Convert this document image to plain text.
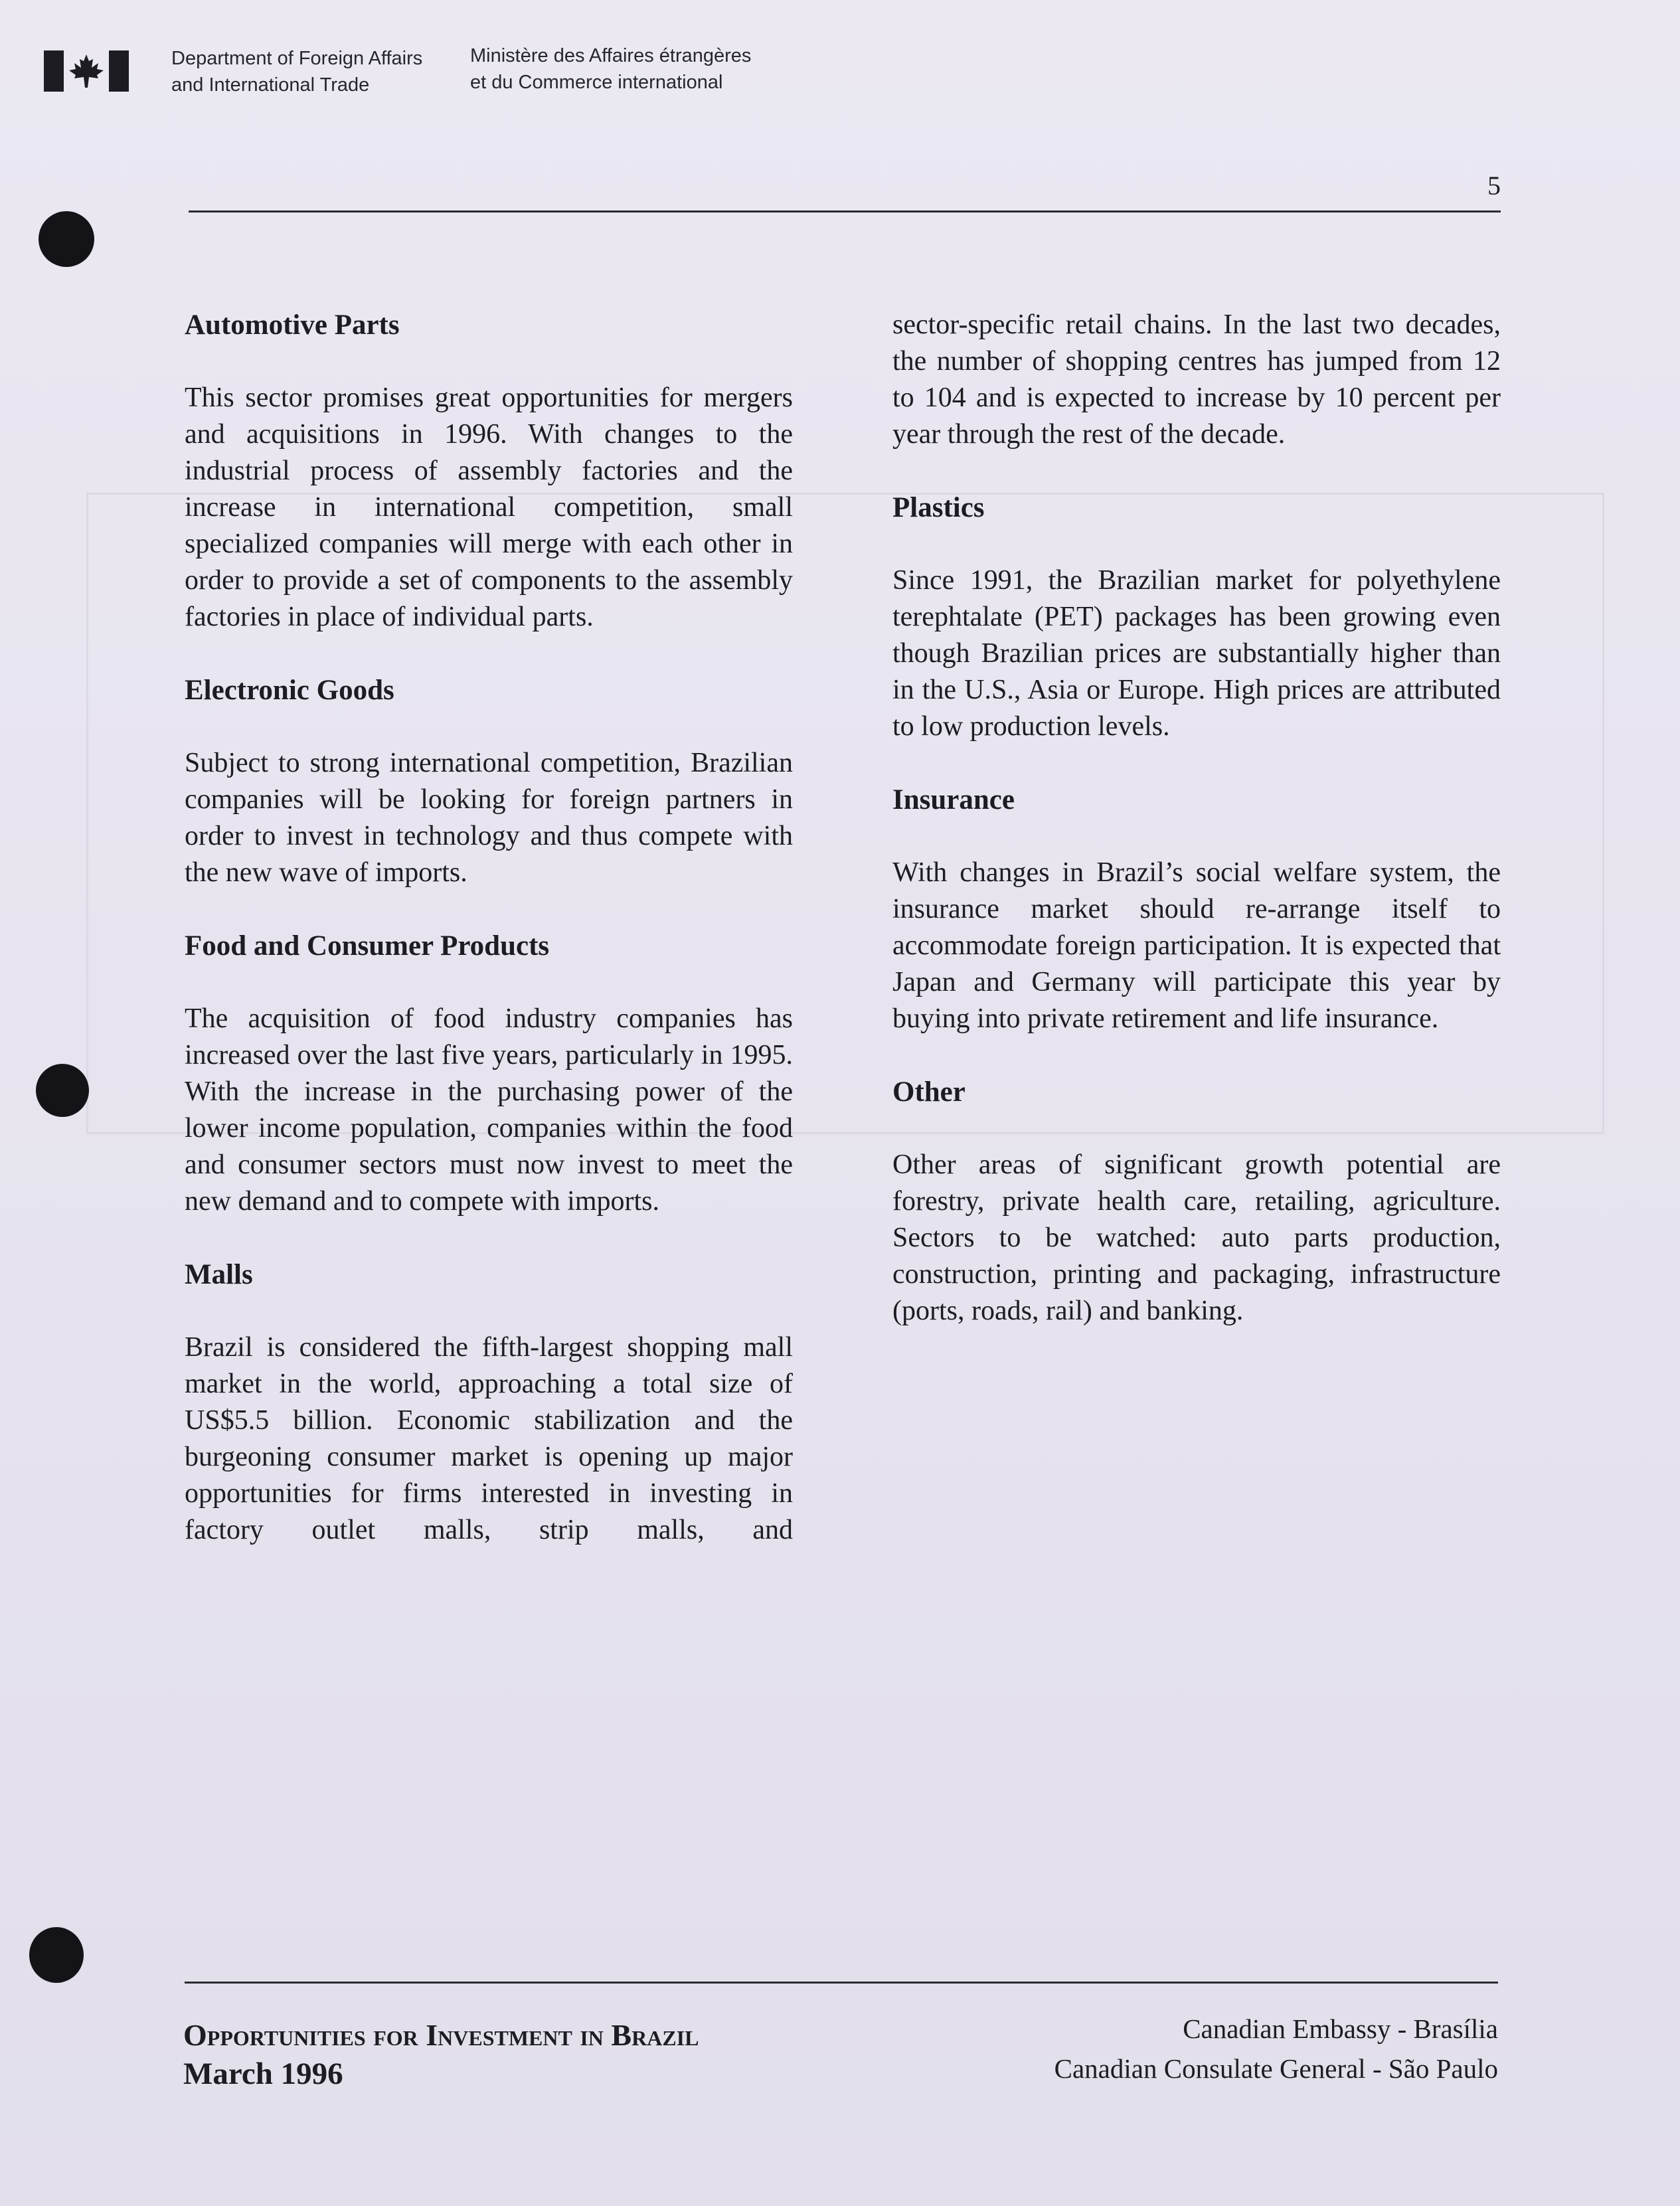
Department of Foreign Affairs
and International Trade
Ministère des Affaires étrangères
et du Commerce international
5
Automotive Parts

This sector promises great opportunities for mergers and acquisitions in 1996. With changes to the industrial process of assembly factories and the increase in international competition, small specialized companies will merge with each other in order to provide a set of components to the assembly factories in place of individual parts.

Electronic Goods

Subject to strong international competition, Brazilian companies will be looking for foreign partners in order to invest in technology and thus compete with the new wave of imports.

Food and Consumer Products

The acquisition of food industry companies has increased over the last five years, particularly in 1995. With the increase in the purchasing power of the lower income population, companies within the food and consumer sectors must now invest to meet the new demand and to compete with imports.

Malls

Brazil is considered the fifth-largest shopping mall market in the world, approaching a total size of US$5.5 billion. Economic stabilization and the burgeoning consumer market is opening up major opportunities for firms interested in investing in factory outlet malls, strip malls, and

sector-specific retail chains. In the last two decades, the number of shopping centres has jumped from 12 to 104 and is expected to increase by 10 percent per year through the rest of the decade.

Plastics

Since 1991, the Brazilian market for polyethylene terephtalate (PET) packages has been growing even though Brazilian prices are substantially higher than in the U.S., Asia or Europe. High prices are attributed to low production levels.

Insurance

With changes in Brazil’s social welfare system, the insurance market should re-arrange itself to accommodate foreign participation. It is expected that Japan and Germany will participate this year by buying into private retirement and life insurance.

Other

Other areas of significant growth potential are forestry, private health care, retailing, agriculture. Sectors to be watched: auto parts production, construction, printing and packaging, infrastructure (ports, roads, rail) and banking.

Opportunities for Investment in Brazil
March 1996
Canadian Embassy - Brasília
Canadian Consulate General - São Paulo
